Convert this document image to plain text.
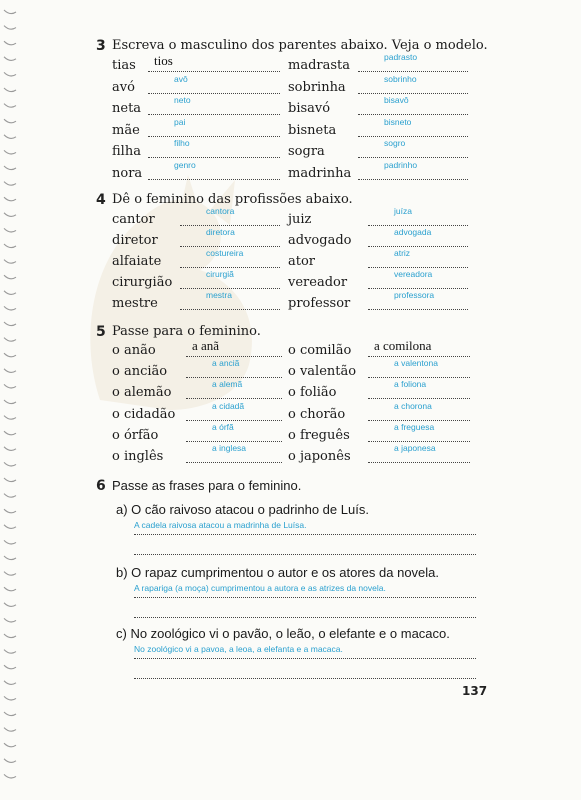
3 Escreva o masculino dos parentes abaixo. Veja o modelo.
tias tios
avó
avô
neta
neto
mãe
pai
filha
filho
nora
genro
madrasta
padrasto
sobrinha
sobrinho
bisavó
bisavô
bisneta
bisneto
sogra
sogro
madrinha
padrinho
4 Dê o feminino das profissões abaixo.
cantor
cantora
diretor
diretora
alfaiate
costureira
cirurgião
cirurgiã
mestre
mestra
juiz
juíza
advogado
advogada
ator
atriz
vereador
vereadora
professor
professora
5 Passe para o feminino.
o anão	a anã
o ancião
a anciã
o alemão
a alemã
o cidadão
a cidadã
o órfão
a órfã
o inglês
a inglesa
o comilão a comilona
o valentão
a valentona
o folião
a foliona
o chorão
a chorona
o freguês
a freguesa
o japonês
a japonesa
6 Passe as frases para o feminino.
a) O cão raivoso atacou o padrinho de Luís.
A cadela raivosa atacou a madrinha de Luísa.
b) O rapaz cumprimentou o autor e os atores da novela.
A rapariga (a moça) cumprimentou a autora e as atrizes da novela.
c) No zoológico vi o pavão, o leão, o elefante e o macaco.
No zoológico vi a pavoa, a leoa, a elefanta e a macaca.
137
